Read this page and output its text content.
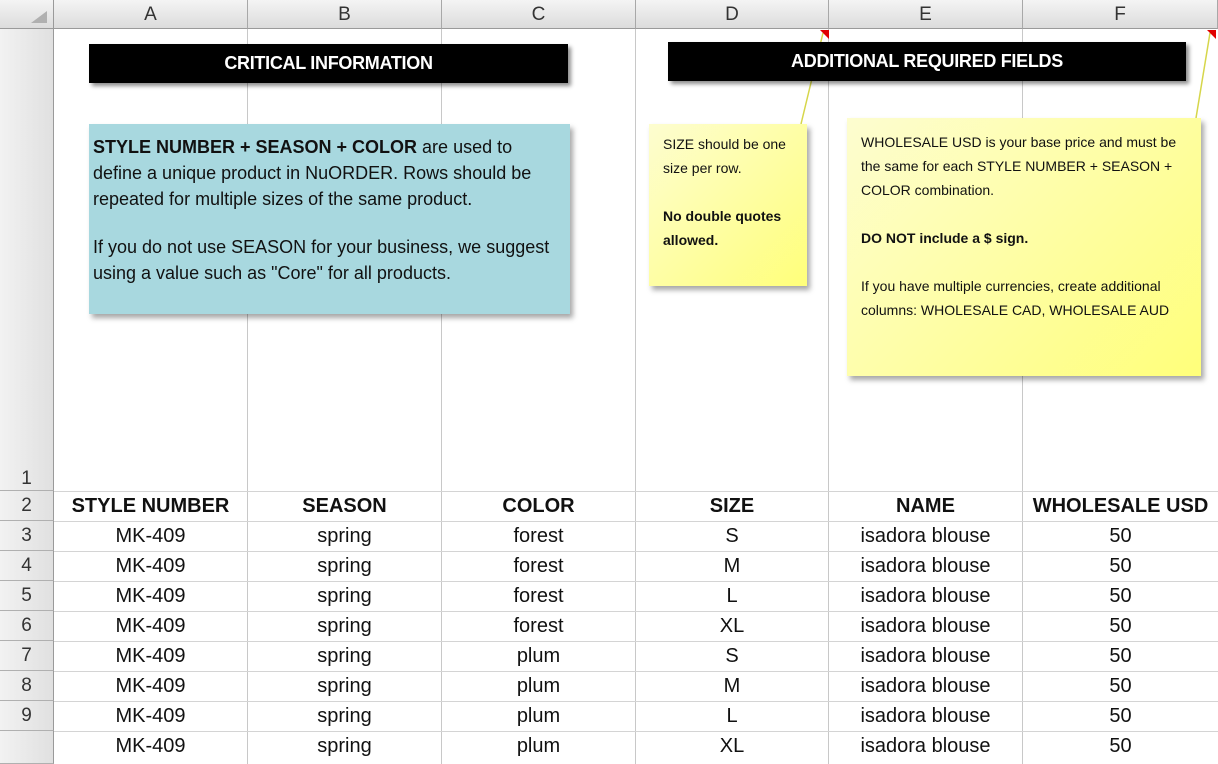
A	B	C	D	E	F
1
2
3
4
5
6
7
8
9
STYLE NUMBER	SEASON	COLOR	SIZE	NAME	WHOLESALE USD
MK-409	spring	forest	S	isadora blouse	50
MK-409	spring	forest	M	isadora blouse	50
MK-409	spring	forest	L	isadora blouse	50
MK-409	spring	forest	XL	isadora blouse	50
MK-409	spring	plum	S	isadora blouse	50
MK-409	spring	plum	M	isadora blouse	50
MK-409	spring	plum	L	isadora blouse	50
MK-409	spring	plum	XL	isadora blouse	50
CRITICAL INFORMATION	ADDITIONAL REQUIRED FIELDS

STYLE NUMBER + SEASON + COLOR are used to define a unique product in NuORDER. Rows should be repeated for multiple sizes of the same product.

If you do not use SEASON for your business, we suggest using a value such as "Core" for all products.

SIZE should be one size per row.

No double quotes allowed.

WHOLESALE USD is your base price and must be the same for each STYLE NUMBER + SEASON + COLOR combination.

DO NOT include a $ sign.

If you have multiple currencies, create additional columns: WHOLESALE CAD, WHOLESALE AUD
